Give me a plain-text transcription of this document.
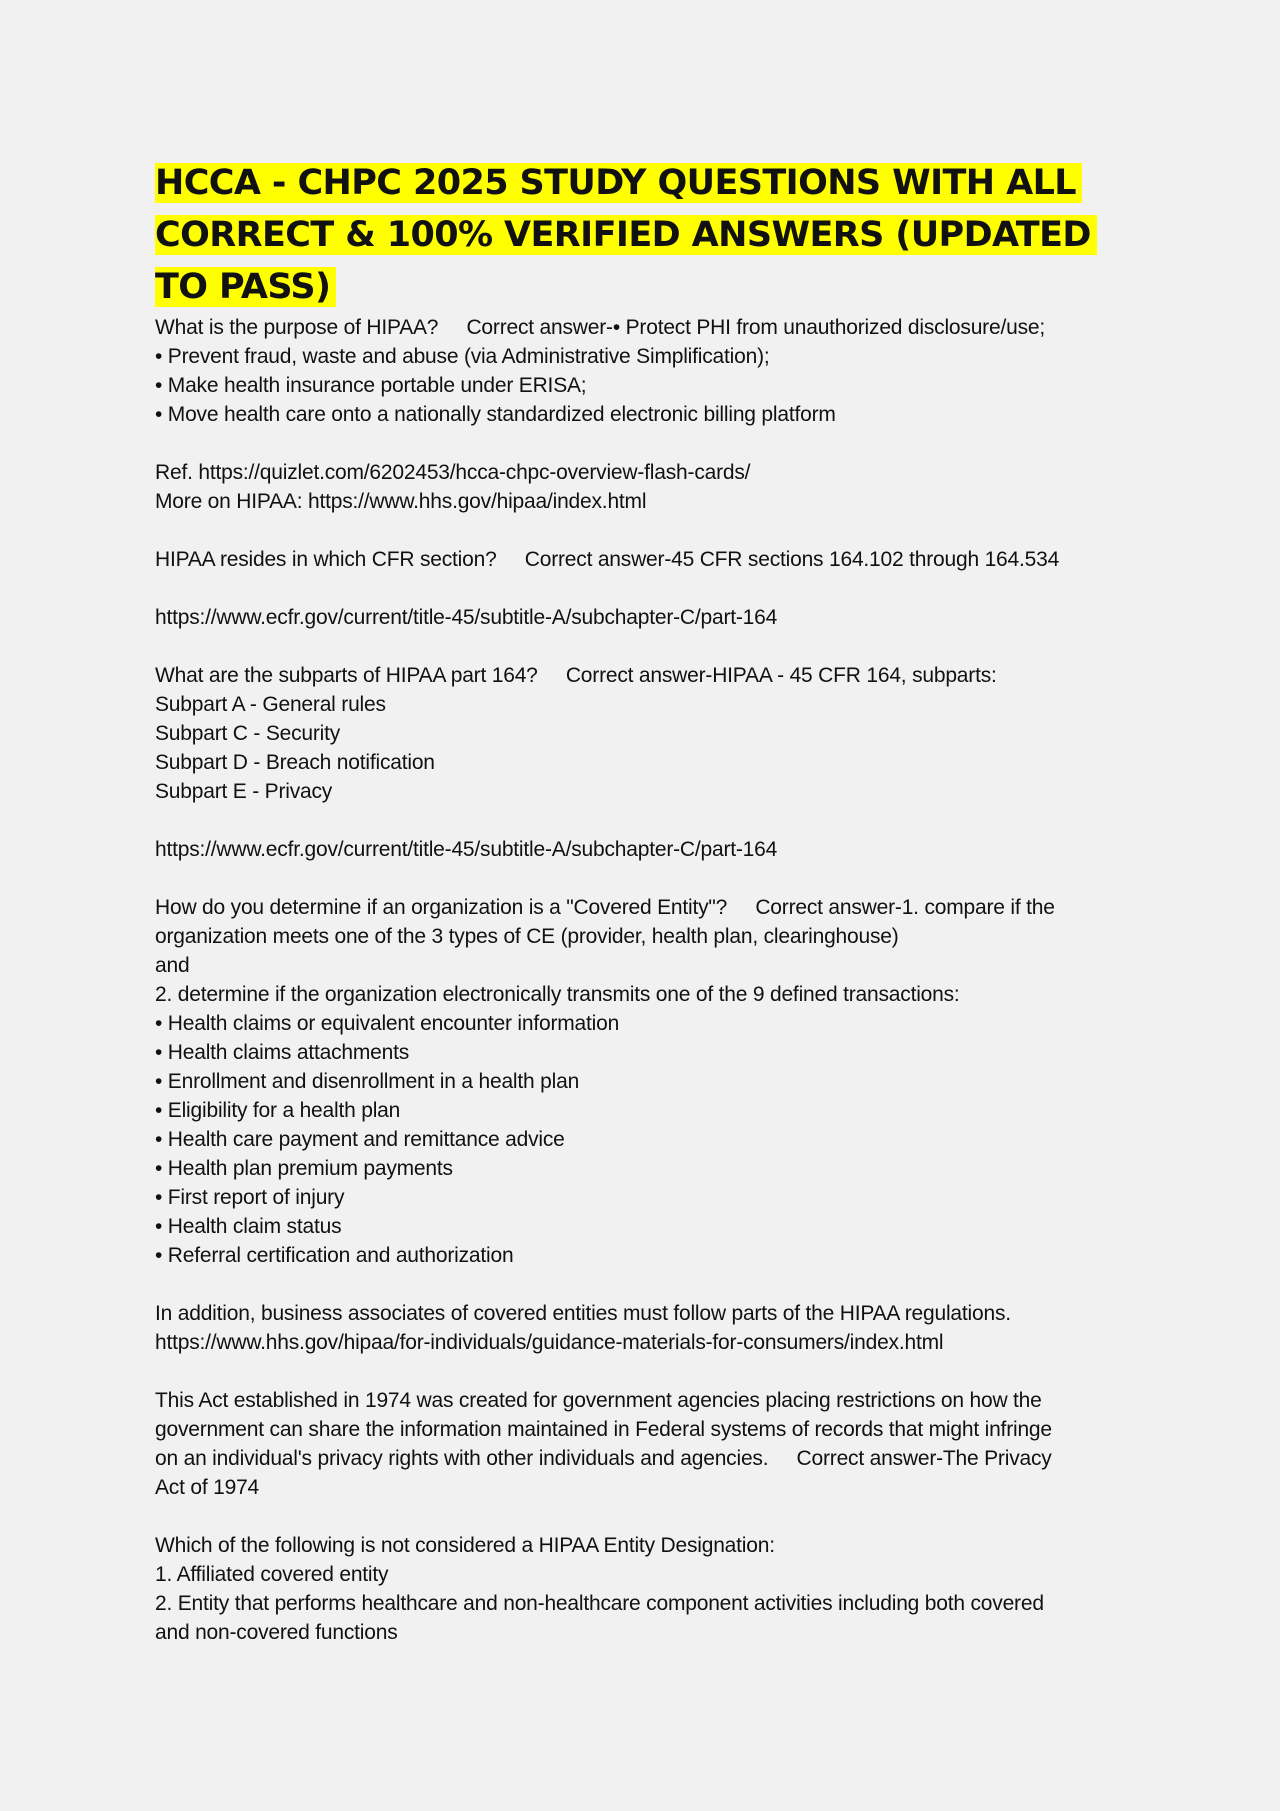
HCCA - CHPC 2025 STUDY QUESTIONS WITH ALL CORRECT & 100% VERIFIED ANSWERS (UPDATED TO PASS)
What is the purpose of HIPAA?     Correct answer-• Protect PHI from unauthorized disclosure/use;
• Prevent fraud, waste and abuse (via Administrative Simplification);
• Make health insurance portable under ERISA;
• Move health care onto a nationally standardized electronic billing platform
Ref. https://quizlet.com/6202453/hcca-chpc-overview-flash-cards/
More on HIPAA: https://www.hhs.gov/hipaa/index.html
HIPAA resides in which CFR section?     Correct answer-45 CFR sections 164.102 through 164.534
https://www.ecfr.gov/current/title-45/subtitle-A/subchapter-C/part-164
What are the subparts of HIPAA part 164?     Correct answer-HIPAA - 45 CFR 164, subparts:
Subpart A - General rules
Subpart C - Security
Subpart D - Breach notification
Subpart E - Privacy
https://www.ecfr.gov/current/title-45/subtitle-A/subchapter-C/part-164
How do you determine if an organization is a "Covered Entity"?     Correct answer-1. compare if the
organization meets one of the 3 types of CE (provider, health plan, clearinghouse)
and
2. determine if the organization electronically transmits one of the 9 defined transactions:
• Health claims or equivalent encounter information
• Health claims attachments
• Enrollment and disenrollment in a health plan
• Eligibility for a health plan
• Health care payment and remittance advice
• Health plan premium payments
• First report of injury
• Health claim status
• Referral certification and authorization
In addition, business associates of covered entities must follow parts of the HIPAA regulations.
https://www.hhs.gov/hipaa/for-individuals/guidance-materials-for-consumers/index.html
This Act established in 1974 was created for government agencies placing restrictions on how the
government can share the information maintained in Federal systems of records that might infringe
on an individual's privacy rights with other individuals and agencies.     Correct answer-The Privacy
Act of 1974
Which of the following is not considered a HIPAA Entity Designation:
1. Affiliated covered entity
2. Entity that performs healthcare and non-healthcare component activities including both covered
and non-covered functions
